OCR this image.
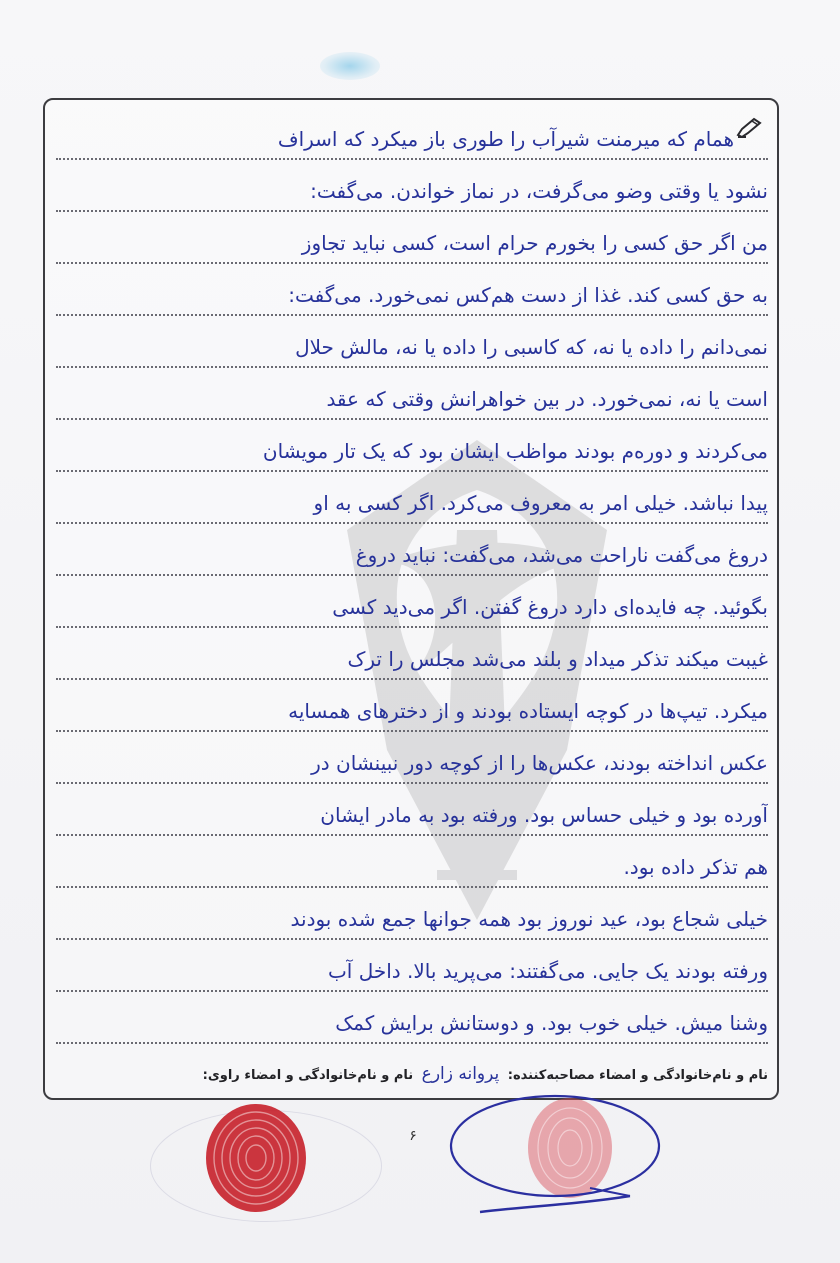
همام که میرمنت شیرآب را طوری باز میکرد که اسراف
نشود یا وقتی وضو می‌گرفت، در نماز خواندن. می‌گفت:
من اگر حق کسی را بخورم حرام است، کسی نباید تجاوز
به حق کسی کند. غذا از دست هم‌کس نمی‌خورد. می‌گفت:
نمی‌دانم را داده یا نه، که کاسبی را داده یا نه، مالش حلال
است یا نه، نمی‌خورد. در بین خواهرانش وقتی که عقد
می‌کردند و دوره‌م بودند مواظب ایشان بود که یک تار مویشان
پیدا نباشد. خیلی امر به معروف می‌کرد. اگر کسی به او
دروغ می‌گفت ناراحت می‌شد، می‌گفت: نباید دروغ
بگوئید. چه فایده‌ای دارد دروغ گفتن. اگر می‌دید کسی
غیبت میکند تذکر میداد و بلند می‌شد مجلس را ترک
میکرد. تیپ‌ها در کوچه ایستاده بودند و از دخترهای همسایه
عکس انداخته بودند، عکس‌ها را از کوچه دور نبینشان در
آورده بود و خیلی حساس بود. ورفته بود به مادر ایشان
هم تذکر داده بود.
خیلی شجاع بود، عید نوروز بود همه جوانها جمع شده بودند
ورفته بودند یک جایی. می‌گفتند: می‌پرید بالا. داخل آب
وشنا میش. خیلی خوب بود. و دوستانش برایش کمک
نام و نام‌خانوادگی و امضاء مصاحبه‌کننده: پروانه زارع نام و نام‌خانوادگی و امضاء راوی:
۶
